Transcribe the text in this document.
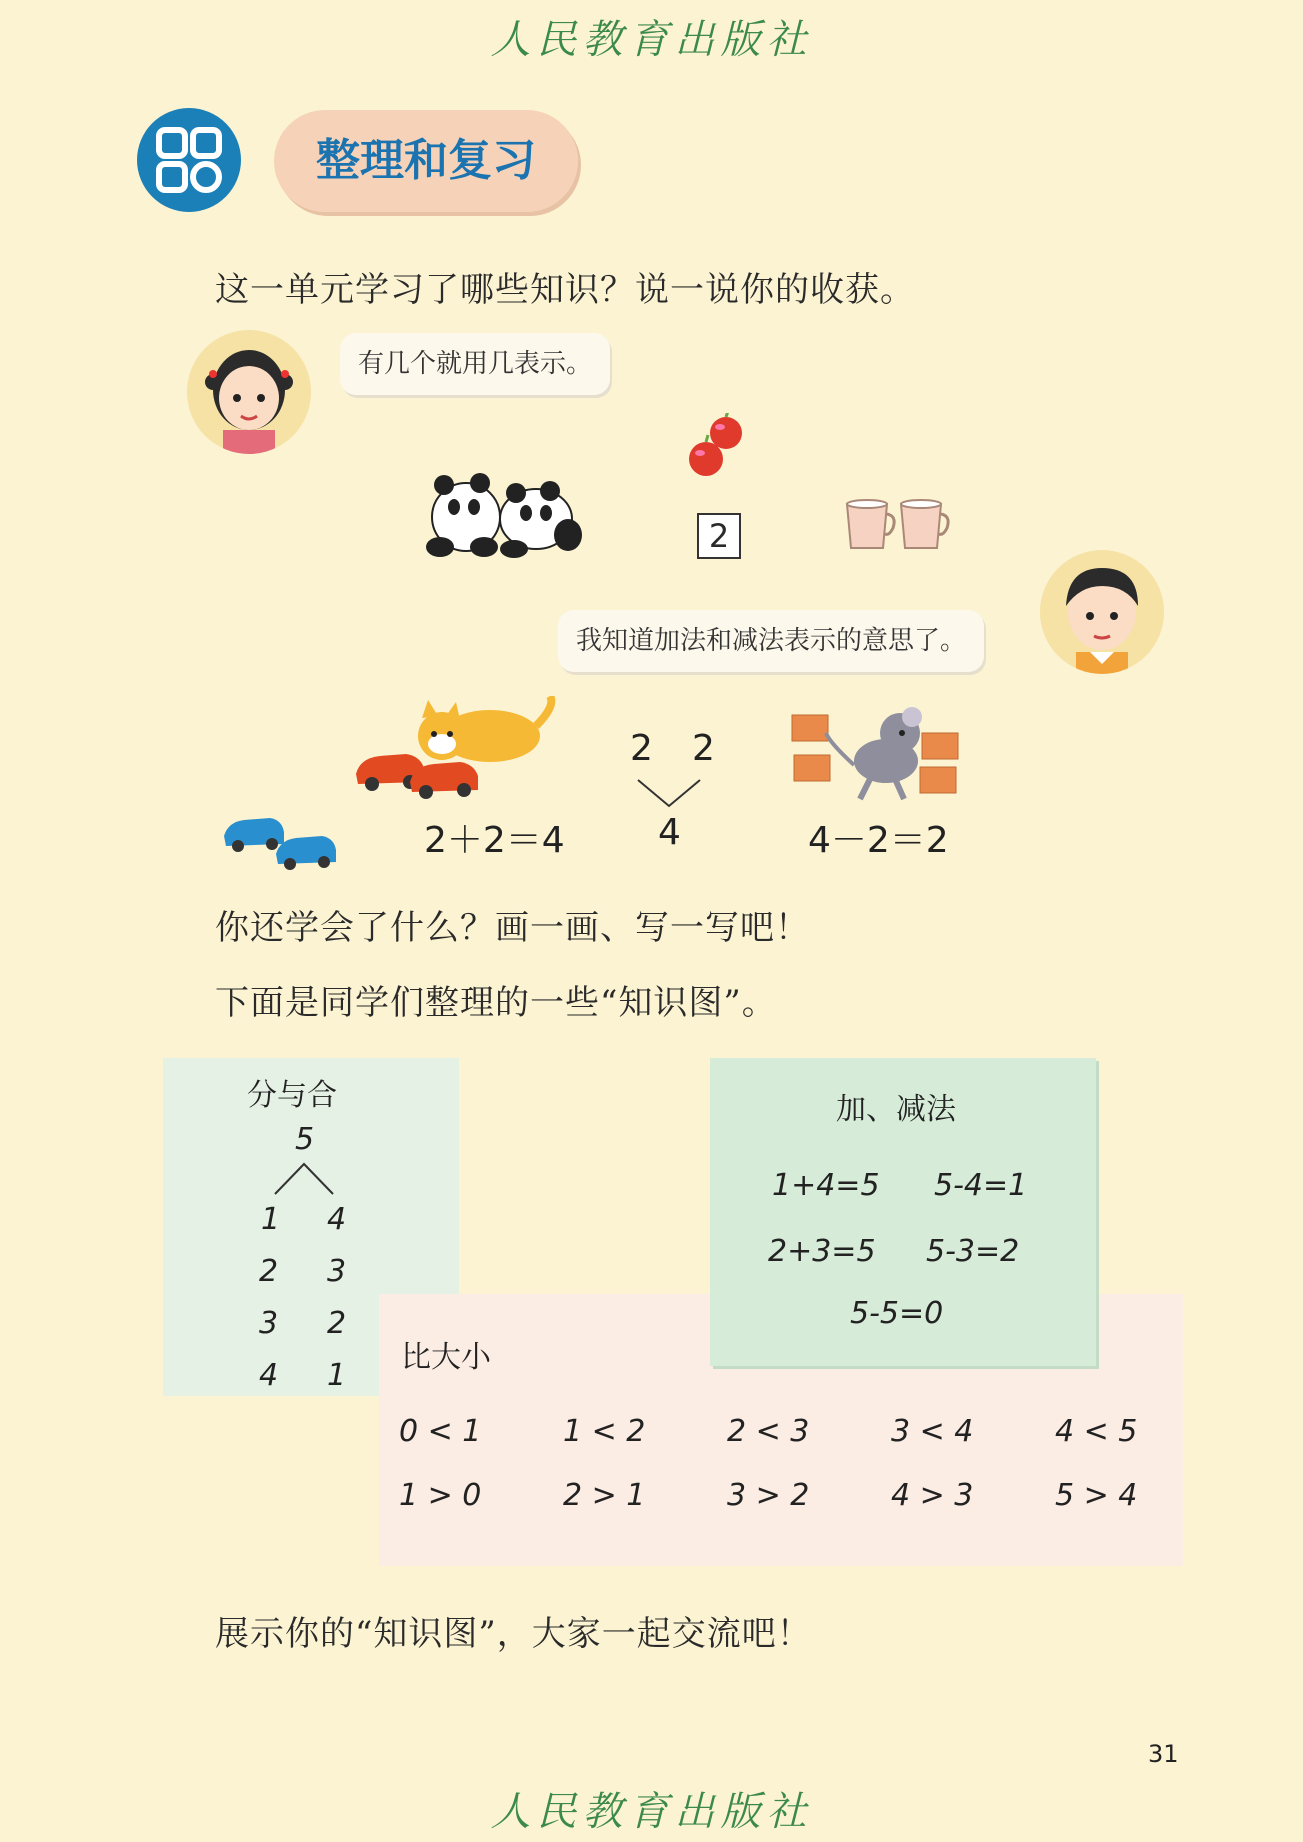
人民教育出版社
整理和复习
这一单元学习了哪些知识？说一说你的收获。
有几个就用几表示。
2
我知道加法和减法表示的意思了。
2＋2＝4
2 2
4	4－2＝2
你还学会了什么？画一画、写一写吧！
下面是同学们整理的一些“知识图”。
分与合
5
1 4
2 3
3 2
4 1
比大小
0 < 1	1 < 2	2 < 3	3 < 4	4 < 5
1 > 0	2 > 1	3 > 2	4 > 3	5 > 4
加、减法
1+4=5 5-4=1
2+3=5 5-3=2
5-5=0
展示你的“知识图”，大家一起交流吧！
31
人民教育出版社
